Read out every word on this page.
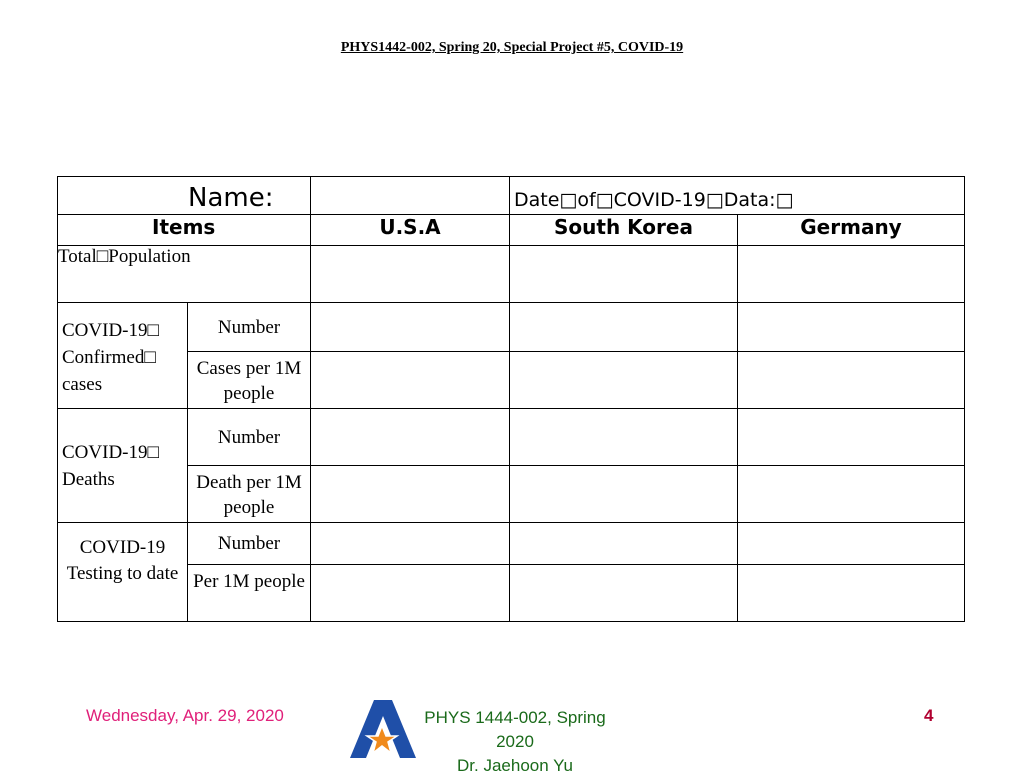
PHYS1442-002, Spring 20, Special Project #5, COVID-19
Name:			Date□of□COVID-19□Data:□	

Items		U.S.A	South Korea	Germany
Total□Population				
COVID-19□ Confirmed□ cases	Number			
	Cases per 1M people			
COVID-19□ Deaths	Number			
	Death per 1M people			
COVID-19 Testing to date	Number			
	Per 1M people			
Wednesday, Apr. 29, 2020	PHYS 1444-002, Spring 2020
Dr. Jaehoon Yu
4
